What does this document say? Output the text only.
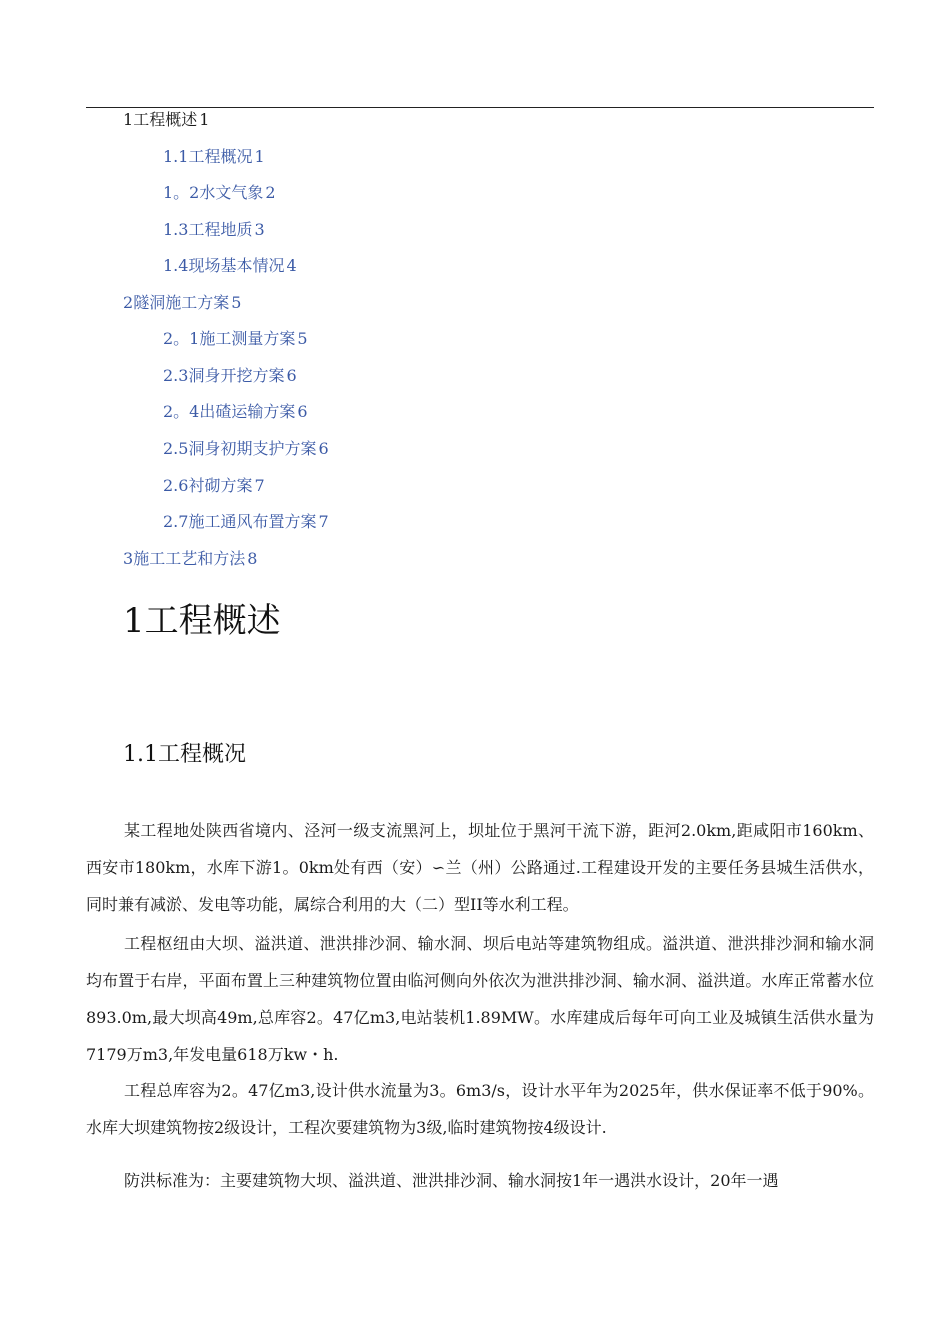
1工程概述 1
1.1工程概况 1
1。2水文气象 2
1.3工程地质 3
1.4现场基本情况 4
2隧洞施工方案 5
2。1施工测量方案 5
2.3洞身开挖方案 6
2。4出碴运输方案 6
2.5洞身初期支护方案 6
2.6衬砌方案 7
2.7施工通风布置方案 7
3施工工艺和方法 8
1工程概述
1.1工程概况

某工程地处陕西省境内、泾河一级支流黑河上，坝址位于黑河干流下游，距河2.0km,距咸阳市160km、西安市180km，水库下游1。0km处有西（安）∽兰（州）公路通过.工程建设开发的主要任务县城生活供水，同时兼有减淤、发电等功能，属综合利用的大（二）型II等水利工程。

工程枢纽由大坝、溢洪道、泄洪排沙洞、输水洞、坝后电站等建筑物组成。溢洪道、泄洪排沙洞和输水洞均布置于右岸，平面布置上三种建筑物位置由临河侧向外依次为泄洪排沙洞、输水洞、溢洪道。水库正常蓄水位893.0m,最大坝高49m,总库容2。47亿m3,电站装机1.89MW。水库建成后每年可向工业及城镇生活供水量为7179万m3,年发电量618万kw・h.

工程总库容为2。47亿m3,设计供水流量为3。6m3/s，设计水平年为2025年，供水保证率不低于90%。水库大坝建筑物按2级设计，工程次要建筑物为3级,临时建筑物按4级设计.

防洪标准为：主要建筑物大坝、溢洪道、泄洪排沙洞、输水洞按1年一遇洪水设计，20年一遇
